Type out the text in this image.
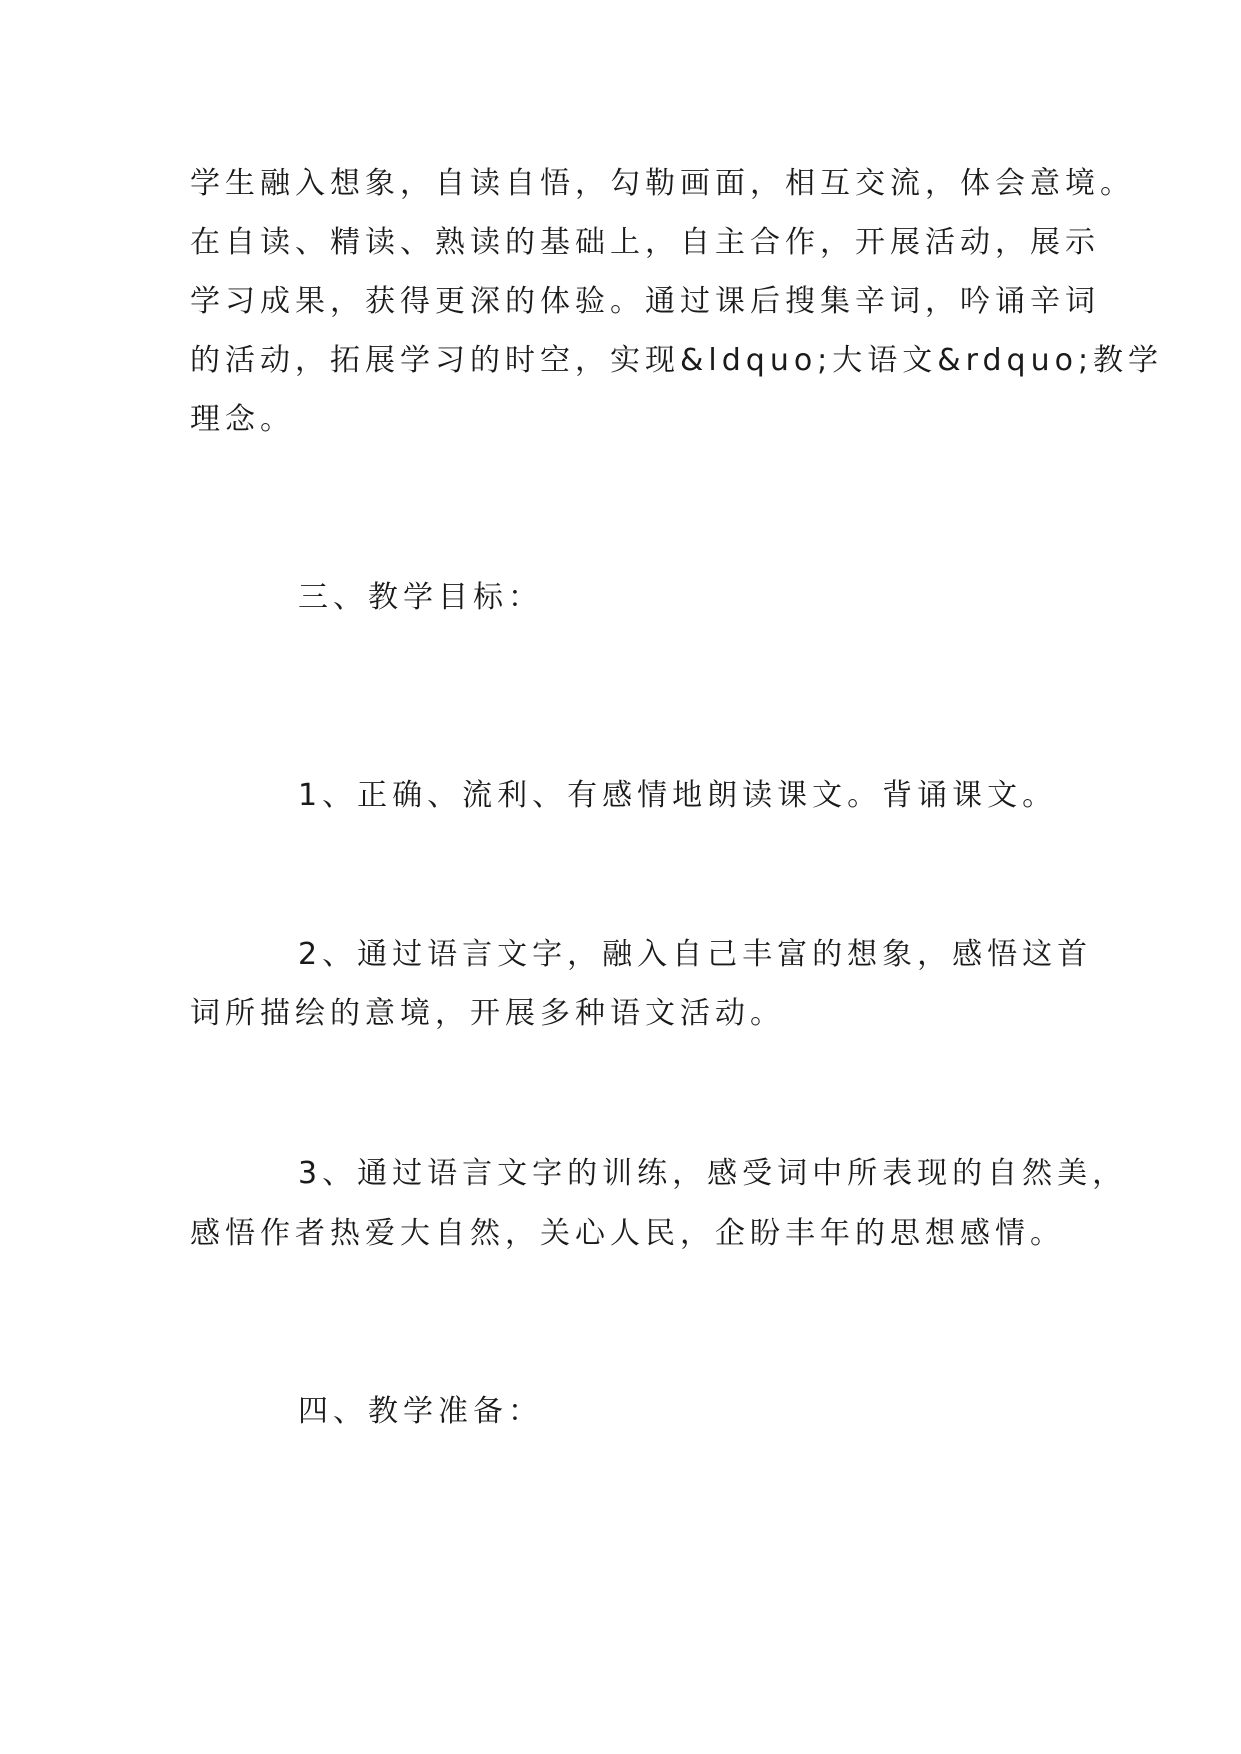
学生融入想象，自读自悟，勾勒画面，相互交流，体会意境。
在自读、精读、熟读的基础上，自主合作，开展活动，展示
学习成果，获得更深的体验。通过课后搜集辛词，吟诵辛词
的活动，拓展学习的时空，实现&ldquo;大语文&rdquo;教学
理念。
三、教学目标：
1、正确、流利、有感情地朗读课文。背诵课文。
2、通过语言文字，融入自己丰富的想象，感悟这首
词所描绘的意境，开展多种语文活动。
3、通过语言文字的训练，感受词中所表现的自然美，
感悟作者热爱大自然，关心人民，企盼丰年的思想感情。
四、教学准备：
